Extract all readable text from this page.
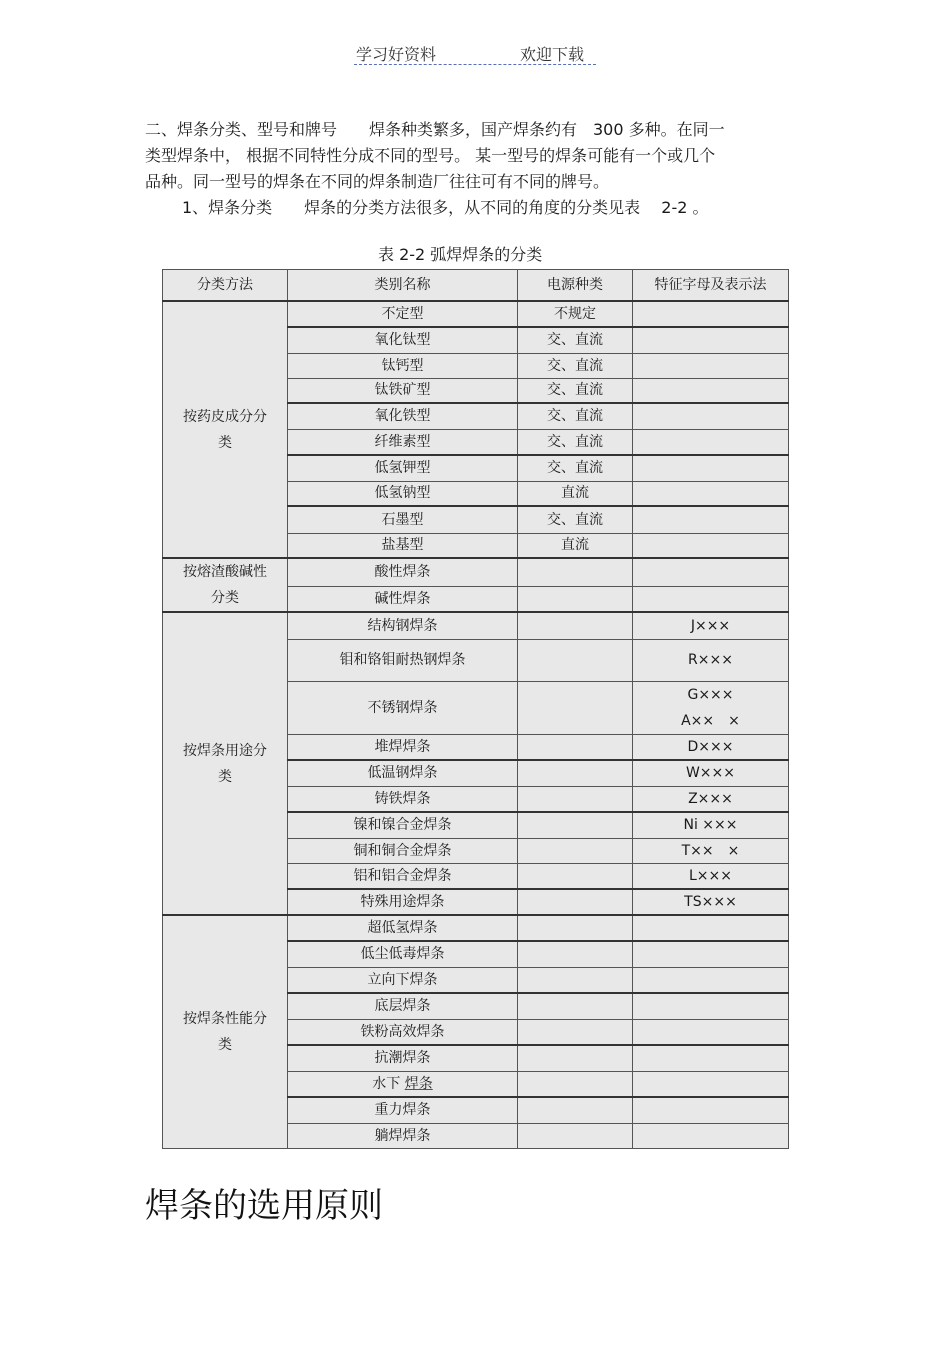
学习好资料	欢迎下载
二、焊条分类、型号和牌号　　焊条种类繁多，国产焊条约有　300 多种。在同一
类型焊条中， 根据不同特性分成不同的型号。 某一型号的焊条可能有一个或几个
品种。同一型号的焊条在不同的焊条制造厂往往可有不同的牌号。
1、焊条分类　　焊条的分类方法很多，从不同的角度的分类见表　 2-2 。
表 2-2 弧焊焊条的分类
分类方法	类别名称	电源种类	特征字母及表示法

按药皮成分分
类	不定型	不规定	
	氧化钛型	交、直流	
	钛钙型	交、直流	
	钛铁矿型	交、直流	
	氧化铁型	交、直流	
	纤维素型	交、直流	
	低氢钾型	交、直流	
	低氢钠型	直流	
	石墨型	交、直流	
	盐基型	直流	

按熔渣酸碱性
分类	酸性焊条		
	碱性焊条		

按焊条用途分
类	结构钢焊条		J×××
	钼和铬钼耐热钢焊条		R×××
	不锈钢焊条		G×××
A××　×

	堆焊焊条		D×××
	低温钢焊条		W×××
	铸铁焊条		Z×××
	镍和镍合金焊条		Ni ×××
	铜和铜合金焊条		T××　×
	铝和铝合金焊条		L×××
	特殊用途焊条		TS×××

按焊条性能分
类	超低氢焊条		
	低尘低毒焊条		
	立向下焊条		
	底层焊条		
	铁粉高效焊条		
	抗潮焊条		
	水下 焊条		
	重力焊条		
	躺焊焊条		
焊条的选用原则
